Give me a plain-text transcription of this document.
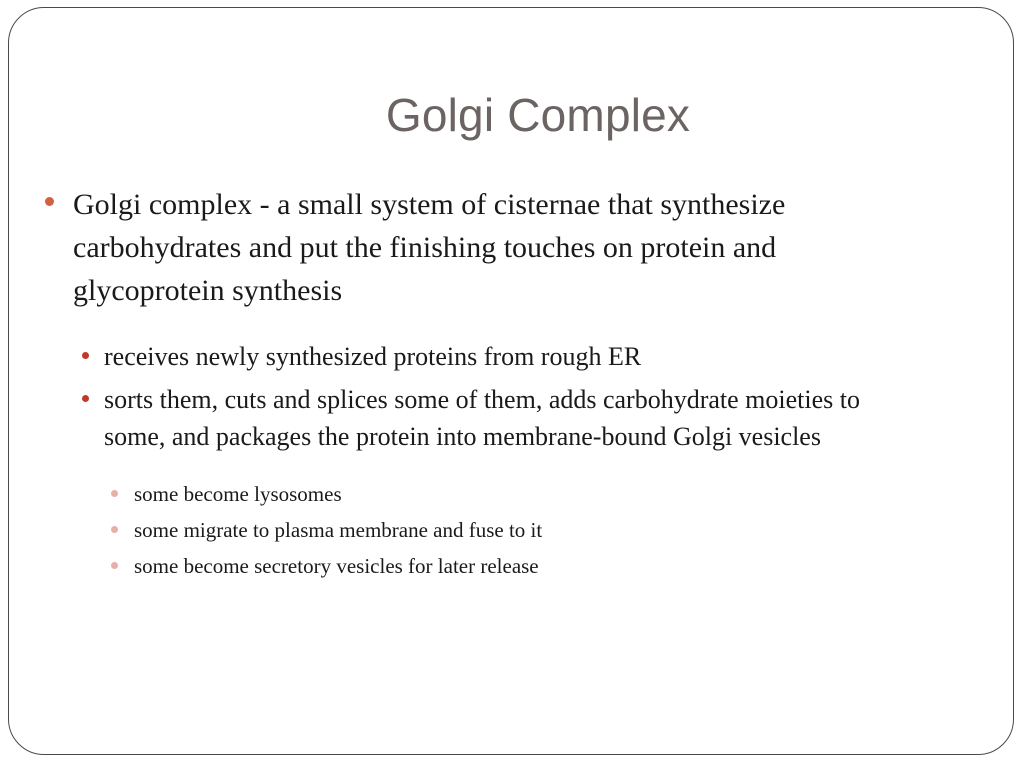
Golgi Complex
Golgi complex - a small system of cisternae that synthesize
carbohydrates and put the finishing touches on protein and
glycoprotein synthesis
receives newly synthesized proteins from rough ER
sorts them, cuts and splices some of them, adds carbohydrate moieties to
some, and packages the protein into membrane-bound Golgi vesicles
some become lysosomes
some migrate to plasma membrane and fuse to it
some become secretory vesicles for later release
